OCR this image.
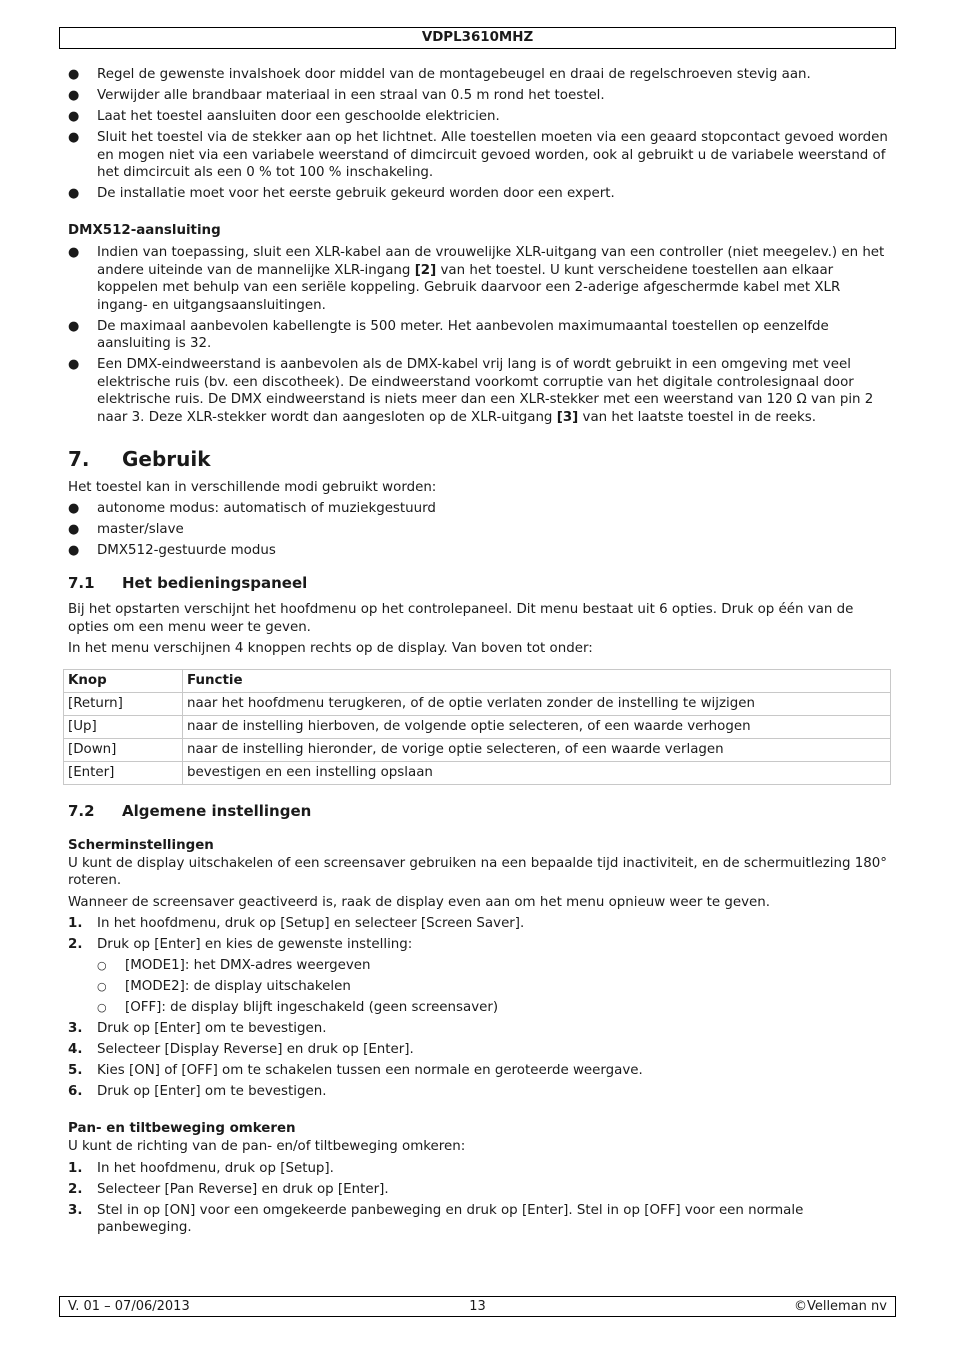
VDPL3610MHZ
● Regel de gewenste invalshoek door middel van de montagebeugel en draai de regelschroeven stevig aan.
● Verwijder alle brandbaar materiaal in een straal van 0.5 m rond het toestel.
● Laat het toestel aansluiten door een geschoolde elektricien.
● Sluit het toestel via de stekker aan op het lichtnet. Alle toestellen moeten via een geaard stopcontact gevoed worden en mogen niet via een variabele weerstand of dimcircuit gevoed worden, ook al gebruikt u de variabele weerstand of het dimcircuit als een 0 % tot 100 % inschakeling.
● De installatie moet voor het eerste gebruik gekeurd worden door een expert.

DMX512-aansluiting

● Indien van toepassing, sluit een XLR-kabel aan de vrouwelijke XLR-uitgang van een controller (niet meegelev.) en het andere uiteinde van de mannelijke XLR-ingang [2] van het toestel. U kunt verscheidene toestellen aan elkaar koppelen met behulp van een seriële koppeling. Gebruik daarvoor een 2-aderige afgeschermde kabel met XLR ingang- en uitgangsaansluitingen.
● De maximaal aanbevolen kabellengte is 500 meter. Het aanbevolen maximumaantal toestellen op eenzelfde aansluiting is 32.
● Een DMX-eindweerstand is aanbevolen als de DMX-kabel vrij lang is of wordt gebruikt in een omgeving met veel elektrische ruis (bv. een discotheek). De eindweerstand voorkomt corruptie van het digitale controlesignaal door elektrische ruis. De DMX eindweerstand is niets meer dan een XLR-stekker met een weerstand van 120 Ω van pin 2 naar 3. Deze XLR-stekker wordt dan aangesloten op de XLR-uitgang [3] van het laatste toestel in de reeks.
7.	Gebruik

Het toestel kan in verschillende modi gebruikt worden:

● autonome modus: automatisch of muziekgestuurd
● master/slave
● DMX512-gestuurde modus
7.1	Het bedieningspaneel

Bij het opstarten verschijnt het hoofdmenu op het controlepaneel. Dit menu bestaat uit 6 opties. Druk op één van de opties om een menu weer te geven.

In het menu verschijnen 4 knoppen rechts op de display. Van boven tot onder:

Knop	Functie
[Return]	naar het hoofdmenu terugkeren, of de optie verlaten zonder de instelling te wijzigen
[Up]	naar de instelling hierboven, de volgende optie selecteren, of een waarde verhogen
[Down]	naar de instelling hieronder, de vorige optie selecteren, of een waarde verlagen
[Enter]	bevestigen en een instelling opslaan
7.2	Algemene instellingen

Scherminstellingen

U kunt de display uitschakelen of een screensaver gebruiken na een bepaalde tijd inactiviteit, en de schermuitlezing 180° roteren.

Wanneer de screensaver geactiveerd is, raak de display even aan om het menu opnieuw weer te geven.

1. In het hoofdmenu, druk op [Setup] en selecteer [Screen Saver].
2. Druk op [Enter] en kies de gewenste instelling:
○ [MODE1]: het DMX-adres weergeven
○ [MODE2]: de display uitschakelen
○ [OFF]: de display blijft ingeschakeld (geen screensaver)
3. Druk op [Enter] om te bevestigen.
4. Selecteer [Display Reverse] en druk op [Enter].
5. Kies [ON] of [OFF] om te schakelen tussen een normale en geroteerde weergave.
6. Druk op [Enter] om te bevestigen.

Pan- en tiltbeweging omkeren

U kunt de richting van de pan- en/of tiltbeweging omkeren:

1. In het hoofdmenu, druk op [Setup].
2. Selecteer [Pan Reverse] en druk op [Enter].
3. Stel in op [ON] voor een omgekeerde panbeweging en druk op [Enter]. Stel in op [OFF] voor een normale panbeweging.
V. 01 – 07/06/2013	13	©Velleman nv
